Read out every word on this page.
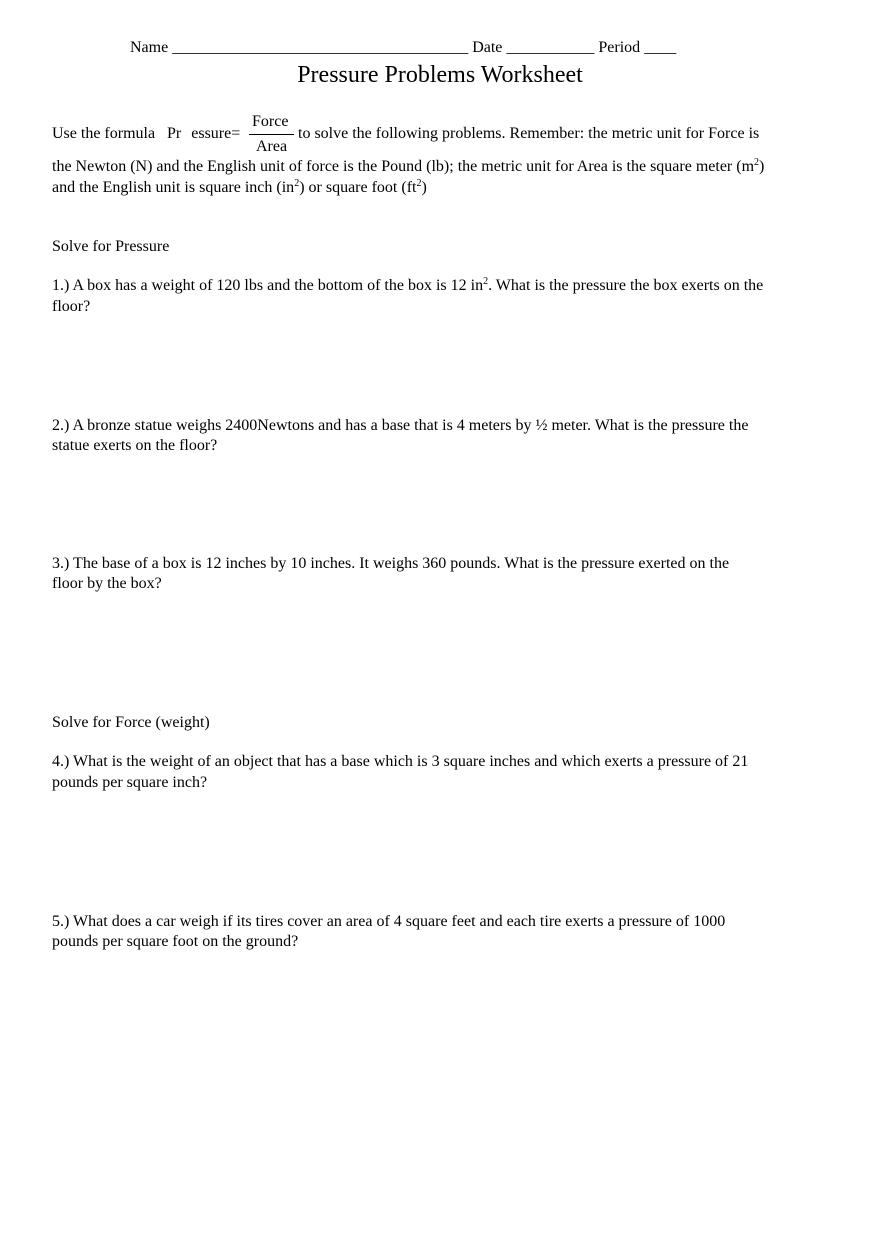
Name _____________________________________ Date ___________ Period ____
Pressure Problems Worksheet
Force
Area
Use the formula Pr essure=	to solve the following problems. Remember: the metric unit for Force is
the Newton (N) and the English unit of force is the Pound (lb); the metric unit for Area is the square meter $(m^2)$
and the English unit is square inch $(in^2)$ or square foot $(ft^2)$
Solve for Pressure
1.) A box has a weight of 120 lbs and the bottom of the box is 12 $in^2$. What is the pressure the box exerts on the
floor?
2.) A bronze statue weighs 2400Newtons and has a base that is 4 meters by ½ meter. What is the pressure the
statue exerts on the floor?
3.) The base of a box is 12 inches by 10 inches. It weighs 360 pounds. What is the pressure exerted on the
floor by the box?
Solve for Force (weight)
4.) What is the weight of an object that has a base which is 3 square inches and which exerts a pressure of 21
pounds per square inch?
5.) What does a car weigh if its tires cover an area of 4 square feet and each tire exerts a pressure of 1000
pounds per square foot on the ground?
